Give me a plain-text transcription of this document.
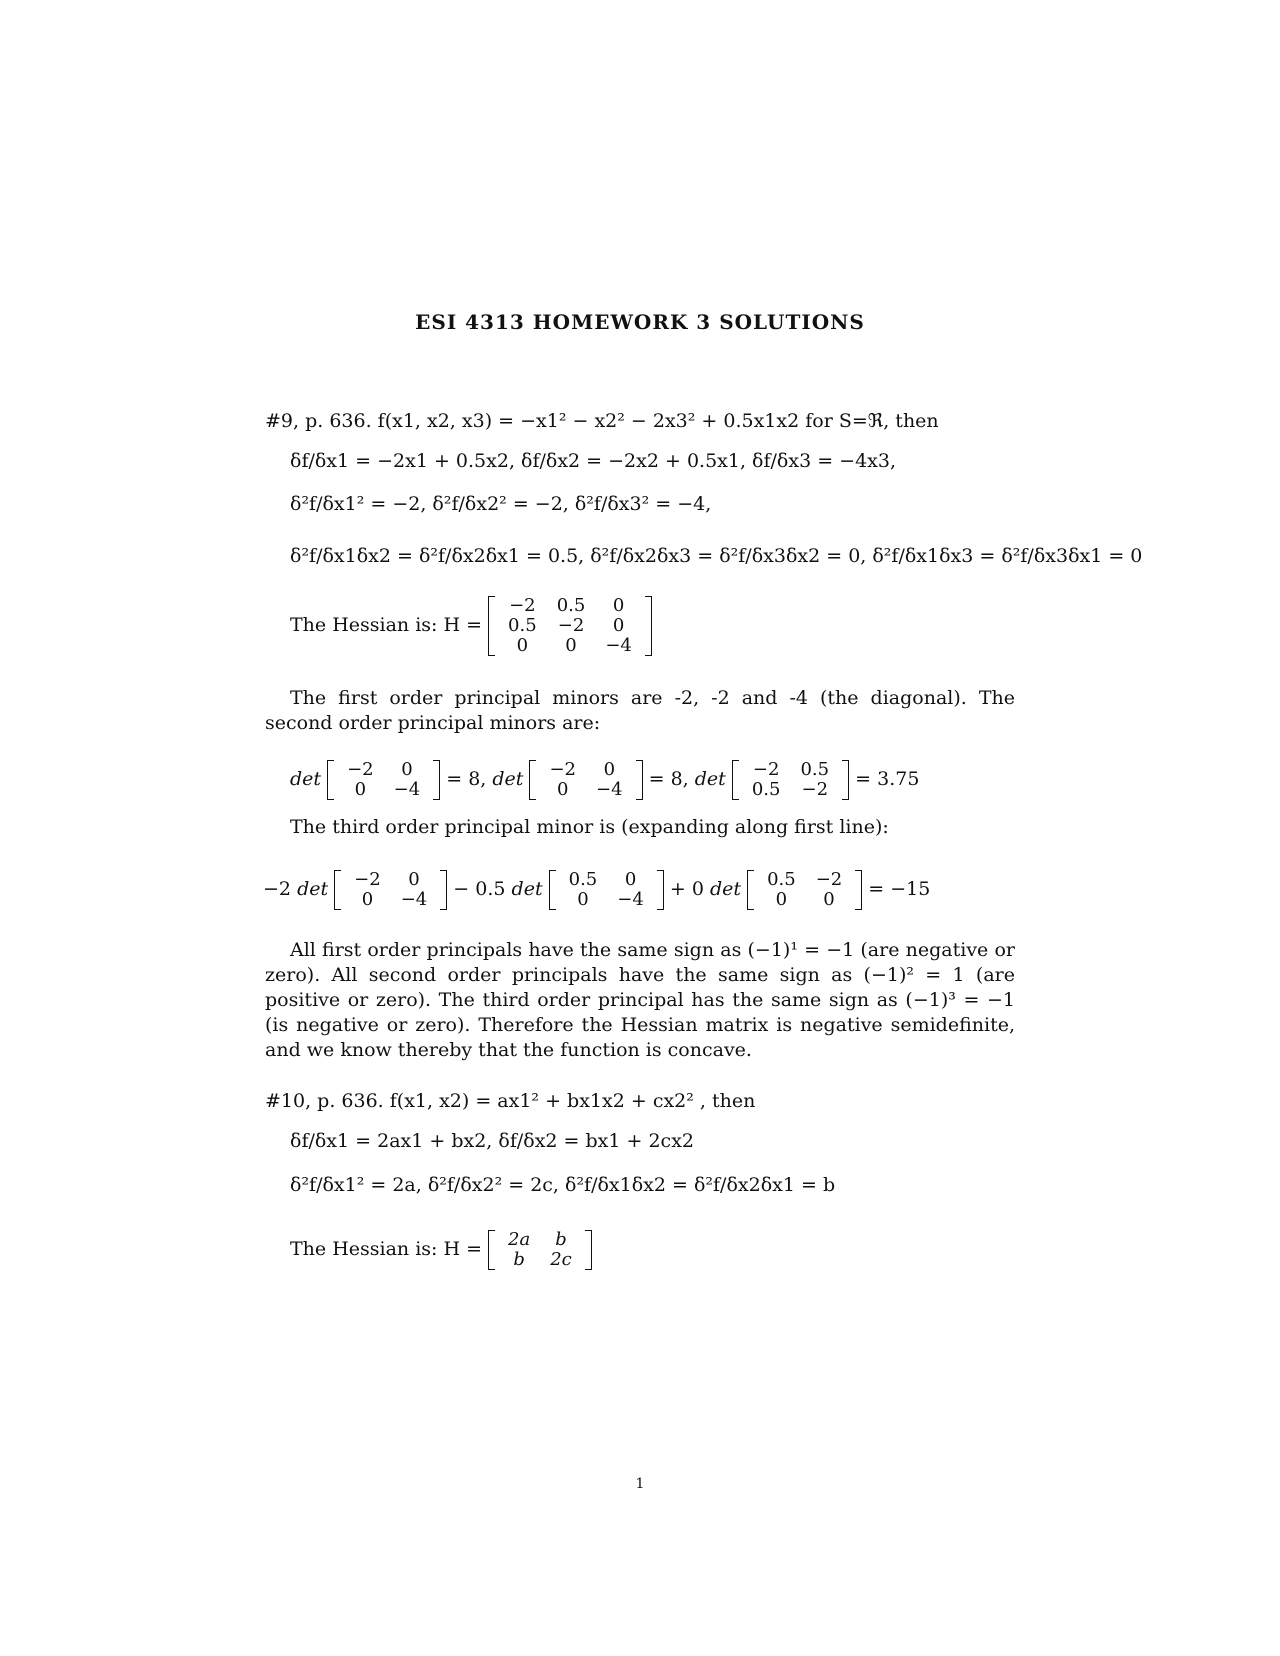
ESI 4313 HOMEWORK 3 SOLUTIONS
#9, p. 636. f(x1, x2, x3) = −x1² − x2² − 2x3² + 0.5x1x2 for S=ℜ, then
δf/δx1 = −2x1 + 0.5x2, δf/δx2 = −2x2 + 0.5x1, δf/δx3 = −4x3,
δ²f/δx1² = −2, δ²f/δx2² = −2, δ²f/δx3² = −4,
δ²f/δx1δx2 = δ²f/δx2δx1 = 0.5, δ²f/δx2δx3 = δ²f/δx3δx2 = 0, δ²f/δx1δx3 = δ²f/δx3δx1 = 0
The Hessian is: H =
−2	0.5	0
0.5	−2	0
0	0	−4
The first order principal minors are -2, -2 and -4 (the diagonal). The second order principal minors are:
det −2	0
0	−4 = 8, det −2	0
0	−4 = 8, det −2	0.5
0.5	−2 = 3.75
The third order principal minor is (expanding along first line):
−2 det −2	0
0	−4 − 0.5 det 0.5	0
0	−4 + 0 det 0.5	−2
0	0 = −15
All first order principals have the same sign as (−1)¹ = −1 (are negative or zero). All second order principals have the same sign as (−1)² = 1 (are positive or zero). The third order principal has the same sign as (−1)³ = −1 (is negative or zero). Therefore the Hessian matrix is negative semidefinite, and we know thereby that the function is concave.
#10, p. 636. f(x1, x2) = ax1² + bx1x2 + cx2² , then
δf/δx1 = 2ax1 + bx2, δf/δx2 = bx1 + 2cx2
δ²f/δx1² = 2a, δ²f/δx2² = 2c, δ²f/δx1δx2 = δ²f/δx2δx1 = b
The Hessian is: H = 2a	b
b	2c
1
